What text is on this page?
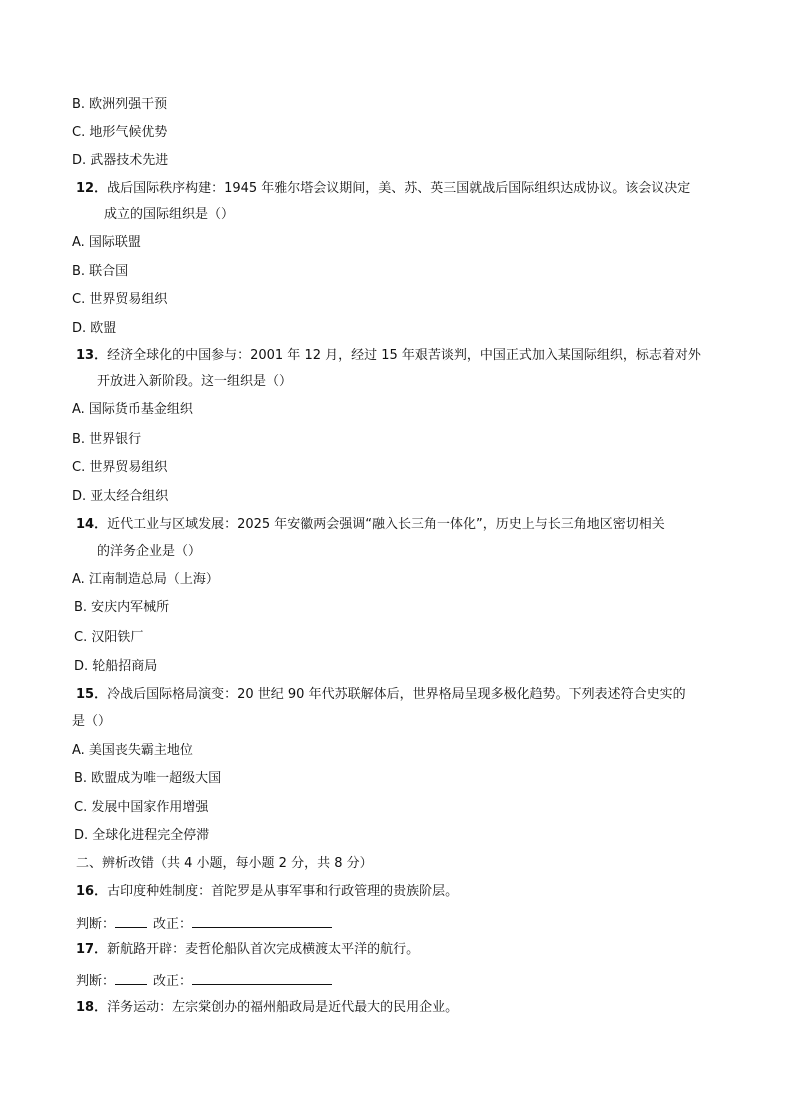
B. 欧洲列强干预
C. 地形气候优势
D. 武器技术先进
12．战后国际秩序构建：1945 年雅尔塔会议期间，美、苏、英三国就战后国际组织达成协议。该会议决定
成立的国际组织是（）
A. 国际联盟
B. 联合国
C. 世界贸易组织
D. 欧盟
13．经济全球化的中国参与：2001 年 12 月，经过 15 年艰苦谈判，中国正式加入某国际组织，标志着对外
开放进入新阶段。这一组织是（）
A. 国际货币基金组织
B. 世界银行
C. 世界贸易组织
D. 亚太经合组织
14．近代工业与区域发展：2025 年安徽两会强调“融入长三角一体化”，历史上与长三角地区密切相关
的洋务企业是（）
A. 江南制造总局（上海）
B. 安庆内军械所
C. 汉阳铁厂
D. 轮船招商局
15．冷战后国际格局演变：20 世纪 90 年代苏联解体后，世界格局呈现多极化趋势。下列表述符合史实的
是（）
A. 美国丧失霸主地位
B. 欧盟成为唯一超级大国
C. 发展中国家作用增强
D. 全球化进程完全停滞
二、辨析改错（共 4 小题，每小题 2 分，共 8 分）
16．古印度种姓制度：首陀罗是从事军事和行政管理的贵族阶层。
判断：	改正：
17．新航路开辟：麦哲伦船队首次完成横渡太平洋的航行。
判断：	改正：
18．洋务运动：左宗棠创办的福州船政局是近代最大的民用企业。
